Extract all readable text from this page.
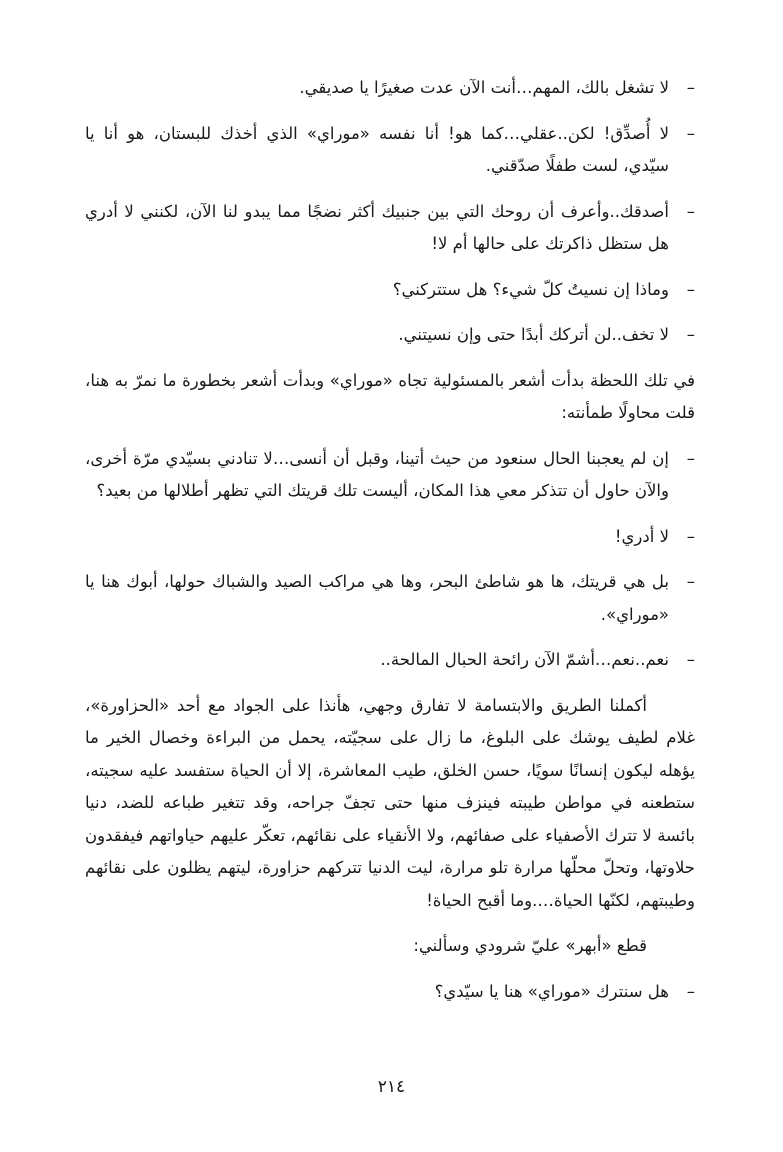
–
لا تشغل بالك، المهم…أنت الآن عدت صغيرًا يا صديقي.

–
لا أُصدِّق! لكن..عقلي…كما هو! أنا نفسه «موراي» الذي أخذك للبستان، هو أنا يا سيّدي، لست طفلًا صدّقني.

–
أصدقك..وأعرف أن روحك التي بين جنبيك أكثر نضجًا مما يبدو لنا الآن، لكنني لا أدري هل ستظل ذاكرتك على حالها أم لا!

–
وماذا إن نسيتُ كلّ شيء؟ هل ستتركني؟

–
لا تخف..لن أتركك أبدًا حتى وإن نسيتني.

في تلك اللحظة بدأت أشعر بالمسئولية تجاه «موراي» وبدأت أشعر بخطورة ما نمرّ به هنا، قلت محاولًا طمأنته:

–
إن لم يعجبنا الحال سنعود من حيث أتينا، وقبل أن أنسى…لا تنادني بسيّدي مرّة أخرى، والآن حاول أن تتذكر معي هذا المكان، أليست تلك قريتك التي تظهر أطلالها من بعيد؟

–
لا أدري!

–
بل هي قريتك، ها هو شاطئ البحر، وها هي مراكب الصيد والشباك حولها، أبوك هنا يا «موراي».

–
نعم..نعم…أشمّ الآن رائحة الحبال المالحة..

أكملنا الطريق والابتسامة لا تفارق وجهي، هأنذا على الجواد مع أحد «الحزاورة»، غلام لطيف يوشك على البلوغ، ما زال على سجيّته، يحمل من البراءة وخصال الخير ما يؤهله ليكون إنسانًا سويًا، حسن الخلق، طيب المعاشرة، إلا أن الحياة ستفسد عليه سجيته، ستطعنه في مواطن طيبته فينزف منها حتى تجفّ جراحه، وقد تتغير طباعه للضد، دنيا بائسة لا تترك الأصفياء على صفائهم، ولا الأنقياء على نقائهم، تعكّر عليهم حياواتهم فيفقدون حلاوتها، وتحلّ محلّها مرارة تلو مرارة، ليت الدنيا تتركهم حزاورة، ليتهم يظلون على نقائهم وطيبتهم، لكنّها الحياة….وما أقبح الحياة!

قطع «أبهر» عليّ شرودي وسألني:

–
هل سنترك «موراي» هنا يا سيّدي؟

٢١٤
